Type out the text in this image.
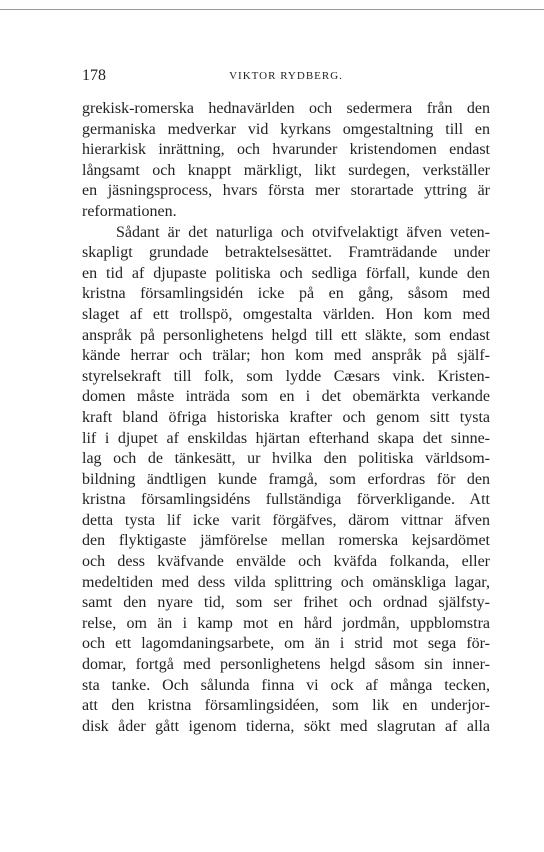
178	VIKTOR RYDBERG.
grekisk-romerska hednavärlden och sedermera från den
germaniska medverkar vid kyrkans omgestaltning till en
hierarkisk inrättning, och hvarunder kristendomen endast
långsamt och knappt märkligt, likt surdegen, verkställer
en jäsningsprocess, hvars första mer storartade yttring är
reformationen.
Sådant är det naturliga och otvifvelaktigt äfven veten-
skapligt grundade betraktelsesättet. Framträdande under
en tid af djupaste politiska och sedliga förfall, kunde den
kristna församlingsidén icke på en gång, såsom med
slaget af ett trollspö, omgestalta världen. Hon kom med
anspråk på personlighetens helgd till ett släkte, som endast
kände herrar och trälar; hon kom med anspråk på själf-
styrelsekraft till folk, som lydde Cæsars vink. Kristen-
domen måste inträda som en i det obemärkta verkande
kraft bland öfriga historiska krafter och genom sitt tysta
lif i djupet af enskildas hjärtan efterhand skapa det sinne-
lag och de tänkesätt, ur hvilka den politiska världsom-
bildning ändtligen kunde framgå, som erfordras för den
kristna församlingsidéns fullständiga förverkligande. Att
detta tysta lif icke varit förgäfves, därom vittnar äfven
den flyktigaste jämförelse mellan romerska kejsardömet
och dess kväfvande envälde och kväfda folkanda, eller
medeltiden med dess vilda splittring och omänskliga lagar,
samt den nyare tid, som ser frihet och ordnad själfsty-
relse, om än i kamp mot en hård jordmån, uppblomstra
och ett lagomdaningsarbete, om än i strid mot sega för-
domar, fortgå med personlighetens helgd såsom sin inner-
sta tanke. Och sålunda finna vi ock af många tecken,
att den kristna församlingsidéen, som lik en underjor-
disk åder gått igenom tiderna, sökt med slagrutan af alla
